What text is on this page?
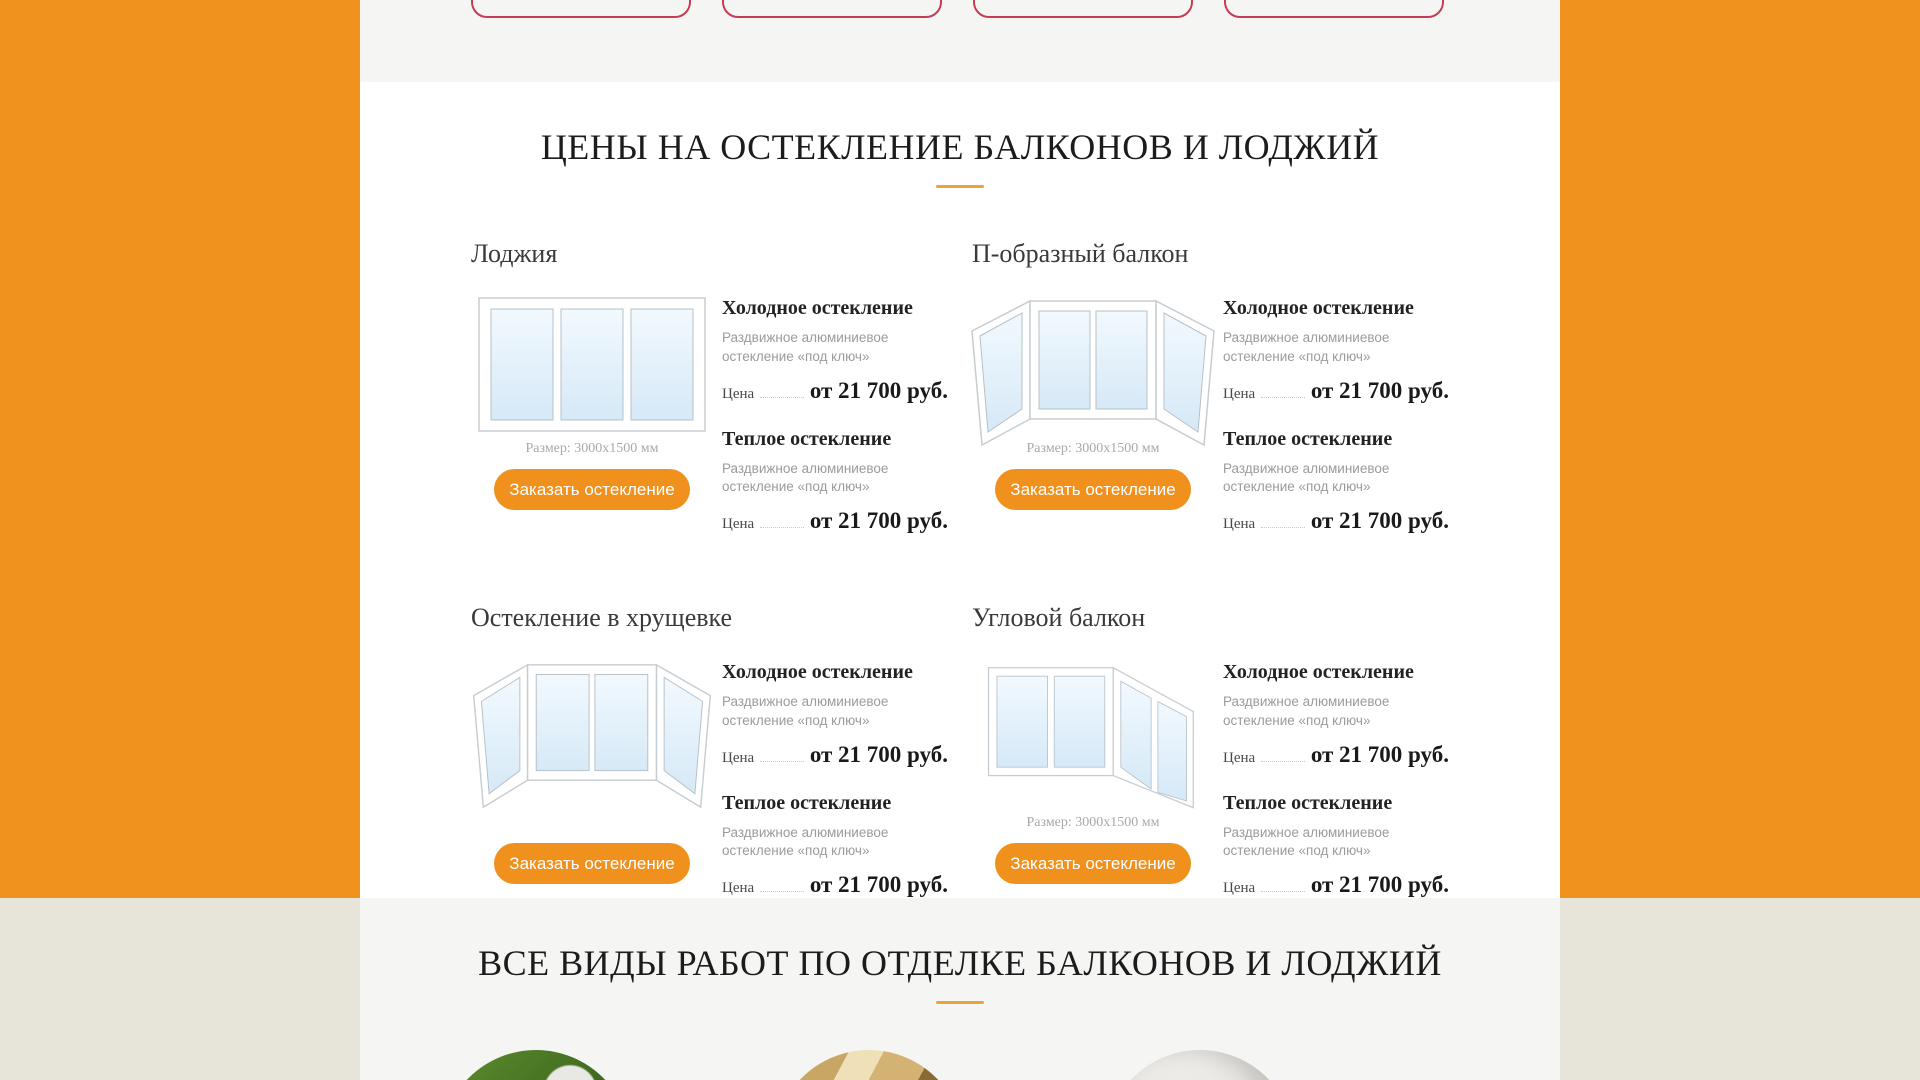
ЦЕНЫ НА ОСТЕКЛЕНИЕ БАЛКОНОВ И ЛОДЖИЙ
Лоджия
Размер: 3000x1500 мм
Заказать остекление
Холодное остекление

Раздвижное алюминиевое остекление «под ключ»

Цена от 21 700 руб.
Теплое остекление

Раздвижное алюминиевое остекление «под ключ»

Цена от 21 700 руб.
П-образный балкон
Размер: 3000x1500 мм
Заказать остекление
Холодное остекление

Раздвижное алюминиевое остекление «под ключ»

Цена от 21 700 руб.
Теплое остекление

Раздвижное алюминиевое остекление «под ключ»

Цена от 21 700 руб.
Остекление в хрущевке
Заказать остекление
Холодное остекление

Раздвижное алюминиевое остекление «под ключ»

Цена от 21 700 руб.
Теплое остекление

Раздвижное алюминиевое остекление «под ключ»

Цена от 21 700 руб.
Угловой балкон
Размер: 3000x1500 мм
Заказать остекление
Холодное остекление

Раздвижное алюминиевое остекление «под ключ»

Цена от 21 700 руб.
Теплое остекление

Раздвижное алюминиевое остекление «под ключ»

Цена от 21 700 руб.
ВСЕ ВИДЫ РАБОТ ПО ОТДЕЛКЕ БАЛКОНОВ И ЛОДЖИЙ
